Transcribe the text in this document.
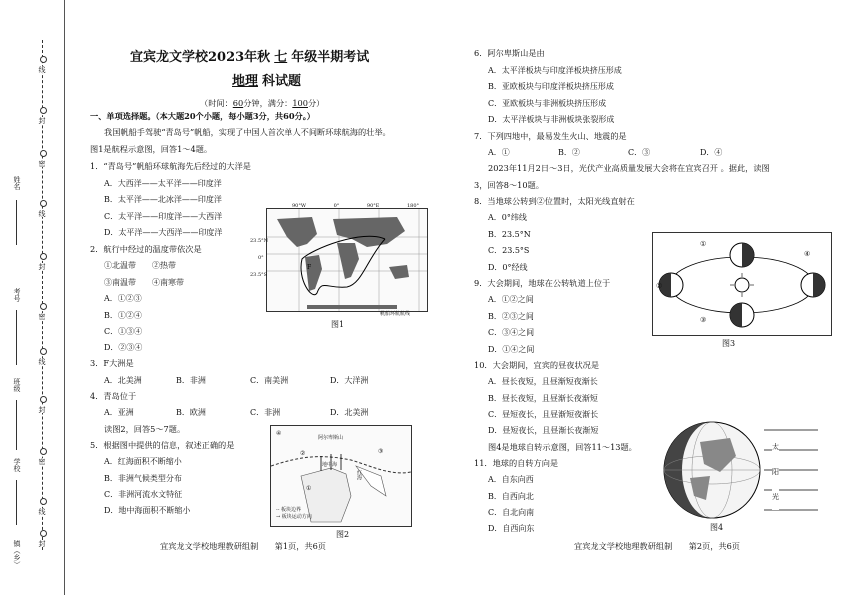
线
封
密
线
封
密
线
封
密
线
封
姓名
考号
班级
学校
镇（乡）
宜宾龙文学校2023年秋 七 年级半期考试
地理 科试题
（时间：60分钟，满分：100分）
一、单项选择题。（本大题20个小题，每小题3分，共60分。）
我国帆船手驾驶“青岛号”帆船，实现了中国人首次单人不间断环球航海的壮举。
图1是航程示意图，回答1～4题。
1．“青岛号”帆船环球航海先后经过的大洋是
A．大西洋——太平洋——印度洋
B．太平洋——北冰洋——印度洋
C．太平洋——印度洋——大西洋
D．太平洋——大西洋——印度洋
2．航行中经过的温度带依次是
①北温带　　②热带
③南温带　　④南寒带
A．①②③
B．①②④
C．①③④
D．②③④
3．F大洲是
A．北美洲	B．非洲	C．南美洲	D．大洋洲
4．青岛位于
A．亚洲	B．欧洲	C．非洲	D．北美洲
读图2，回答5～7题。
5．根据图中提供的信息，叙述正确的是
A．红海面积不断缩小
B．非洲气候类型分布
C．非洲河流水文特征
D．地中海面积不断缩小
F
90°W	0°	90°E	180°
23.5°N
0°
23.5°S
帆船环航航线
图1
④
②
阿尔卑斯山
地中海
红海
③
①
-- 板块边界
→ 板块运动方向
图2
宜宾龙文学校地理教研组制　　第1页，共6页
6．阿尔卑斯山是由
A．太平洋板块与印度洋板块挤压形成
B．亚欧板块与印度洋板块挤压形成
C．亚欧板块与非洲板块挤压形成
D．太平洋板块与非洲板块张裂形成
7．下列四地中，最易发生火山、地震的是
A．①	B．②	C．③	D．④
2023年11月2日～3日，光伏产业高质量发展大会将在宜宾召开 。据此，读图
3，回答8～10题。
8．当地球公转到②位置时，太阳光线直射在
A．0°纬线
B．23.5°N
C．23.5°S
D．0°经线
9．大会期间，地球在公转轨道上位于
A．①②之间
B．②③之间
C．③④之间
D．①④之间
10．大会期间，宜宾的昼夜状况是
A．昼长夜短，且昼渐短夜渐长
B．昼长夜短，且昼渐长夜渐短
C．昼短夜长，且昼渐短夜渐长
D．昼短夜长，且昼渐长夜渐短
图4是地球自转示意图，回答11～13题。
11．地球的自转方向是
A．自东向西
B．自西向北
C．自北向南
D．自西向东
①
②
③
④
图3
太
阳
光
图4
宜宾龙文学校地理教研组制　　第2页，共6页
